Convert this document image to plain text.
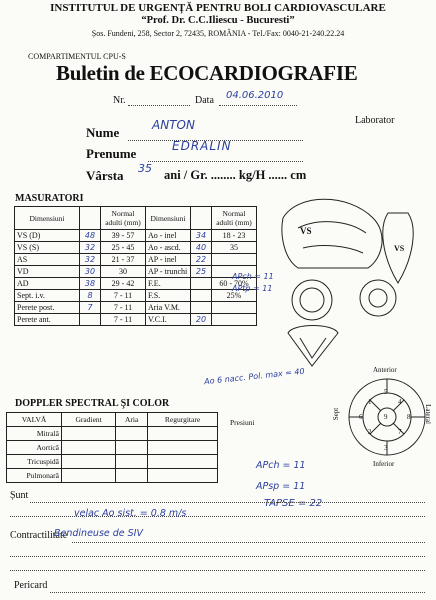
INSTITUTUL DE URGENȚĂ PENTRU BOLI CARDIOVASCULARE
“Prof. Dr. C.C.Iliescu - Bucuresti”
Șos. Fundeni, 258, Sector 2, 72435, ROMÂNIA - Tel./Fax: 0040-21-240.22.24
COMPARTIMENTUL CPU-S
Buletin de ECOCARDIOGRAFIE
Nr.	Data 04.06.2010
Laborator
Nume	ANTON
Prenume	EDRALIN
Vârsta 35 ani / Gr. ........ kg/H ...... cm
MASURATORI
Dimensiuni		Normal adulti (mm)	Dimensiuni		Normal adulti (mm)
VS (D)	48	39 - 57	Ao - inel	34	18 - 23
VS (S)	32	25 - 45	Ao - ascd.	40	35
AS	32	21 - 37	AP - inel	22	
VD	30	30	AP - trunchi	25	
AD	38	29 - 42	F.E.		60 - 70%
Sept. i.v.	8	7 - 11	F.S.		25%
Perete post.	7	7 - 11	Aria V.M.		
Perete ant.		7 - 11	V.C.I.	20	
APch = 11
APtp = 11
VS
VS
5
1	4
6	9	8
2	7
3
Anterior
Inferior
Sept	Lateral
DOPPLER SPECTRAL ŞI COLOR
VALVĂ	Gradient	Aria	Regurgitare
Mitrală			
Aortică			
Tricuspidă			
Pulmonară			
Presiuni
Ao 6 nacc. Pol. max = 40
APch = 11
APsp = 11
TAPSE = 22
Șunt
Contractilitate
velac Ao sist. = 0.8 m/s
Bendineuse de SIV
Pericard
